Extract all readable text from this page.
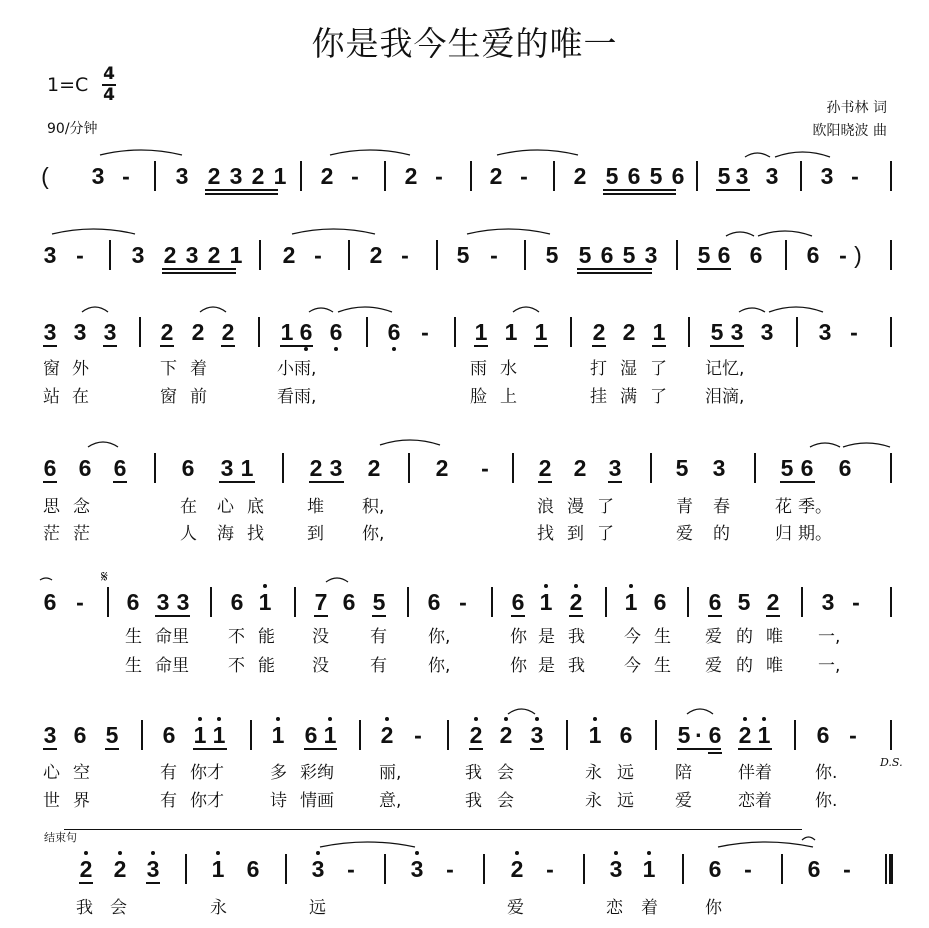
你是我今生爱的唯一
1=C 4
4
90/分钟
孙书林 词
欧阳晓波 曲
( 3 - 3 2 3 2 1 2 - 2 - 2 - 2 5 6 5 6 5 3 3 3 -
3 - 3 2 3 2 1 2 - 2 - 5 - 5 5 6 5 3 5 6 6 6 - )
3 3 3 2 2 2 1 6 6 6 - 1 1 1 2 2 1 5 3 3 3 -
窗 外	下 着	小雨,	雨 水	打 湿 了 记忆,
站 在	窗 前	看雨,	脸 上	挂 满 了 泪滴,
6 6 6 6 3 1 2 3 2 2 - 2 2 3 5 3 5 6 6
思 念	在 心 底	堆 积,	浪 漫 了	青 春	花 季。
茫 茫	人 海 找	到 你,	找 到 了	爱 的	归 期。
𝄋
6 - 6 3 3 6 1 7 6 5 6 - 6 1 2 1 6 6 5 2 3 -
生 命里 不 能 没 有 你,	你 是 我 今 生 爱 的 唯 一,
生 命里 不 能 没 有 你,	你 是 我 今 生 爱 的 唯 一,
3 6 5 6 1 1 1 6 1 2 - 2 2 3 1 6 5 · 6 2 1 6 -
D.S.
心 空	有 你才	多 彩绚	丽,	我 会	永 远 陪	伴着	你.
世 界	有 你才	诗 情画	意,	我 会	永 远 爱	恋着	你.
结束句
2 2 3 1 6 3 - 3 - 2 - 3 1 6 - 6 -
我 会	永	远	爱	恋 着	你
